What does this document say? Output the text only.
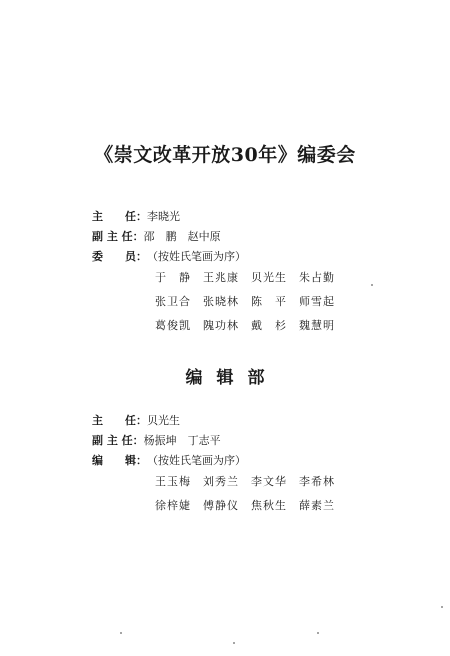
《崇文改革开放30年》编委会
主　　任：李晓光
副 主 任：邵　鹏　赵中原
委　　员：（按姓氏笔画为序）
于　静	王兆康	贝光生	朱占勤
张卫合	张晓林	陈　平	师雪起
葛俊凯	隗功林	戴　杉	魏慧明
编辑部
主　　任：贝光生
副 主 任：杨振坤　丁志平
编　　辑：（按姓氏笔画为序）
王玉梅	刘秀兰	李文华	李希林
徐梓婕	傅静仪	焦秋生	薛素兰
